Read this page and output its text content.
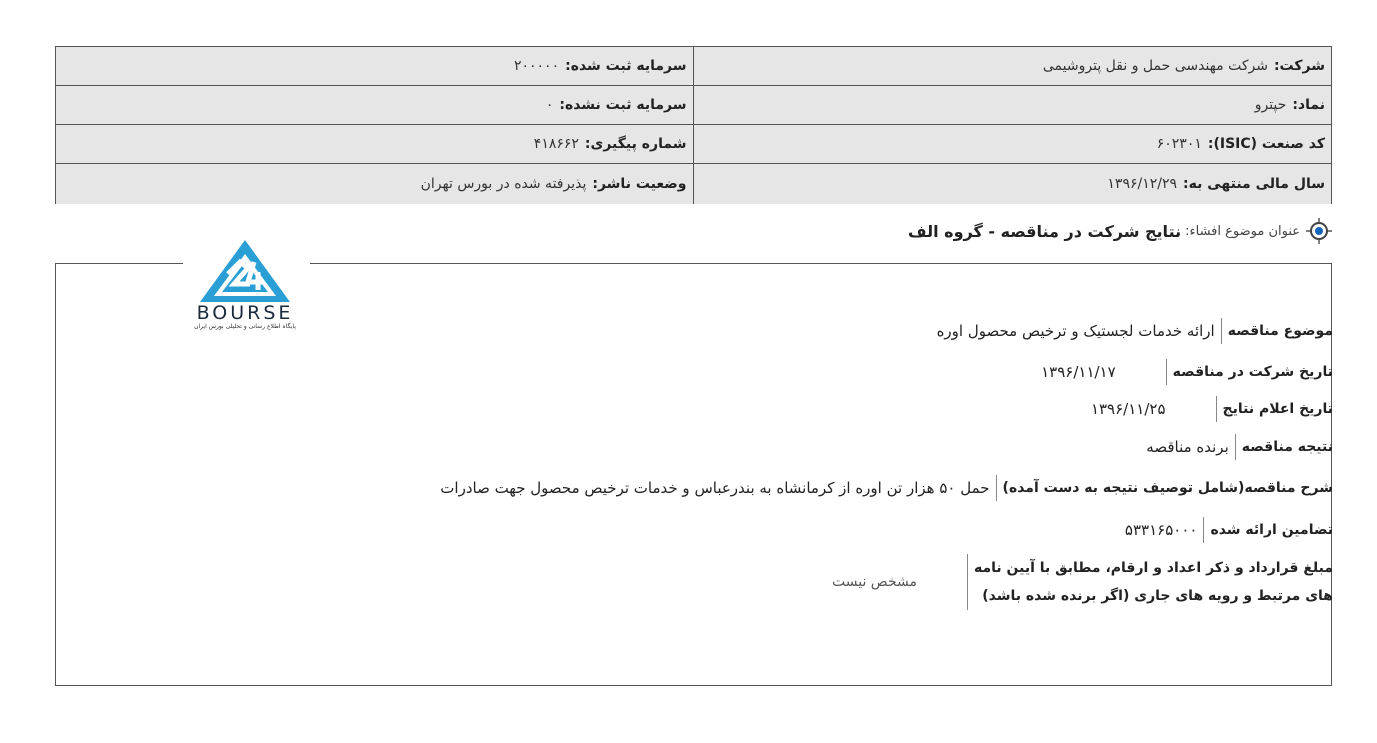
شرکت:
شرکت مهندسی حمل و نقل پتروشیمی
سرمایه ثبت شده:
۲۰۰۰۰۰
نماد:
حپترو
سرمایه ثبت نشده:
۰
کد صنعت (ISIC):
۶۰۲۳۰۱
شماره پیگیری:
۴۱۸۶۶۲
سال مالی منتهی به:
۱۳۹۶/۱۲/۲۹
وضعیت ناشر:
پذیرفته شده در بورس تهران
عنوان موضوع افشاء:
نتایج شرکت در مناقصه - گروه الف
BOURSE
پایگاه اطلاع رسانی و تحلیلی بورس ایران	موضوع مناقصه
ارائه خدمات لجستیک و ترخیص محصول اوره
تاریخ شرکت در مناقصه
۱۳۹۶/۱۱/۱۷
تاریخ اعلام نتایج
۱۳۹۶/۱۱/۲۵
نتیجه مناقصه
برنده مناقصه
شرح مناقصه(شامل توصیف نتیجه به دست آمده)
حمل ۵۰ هزار تن اوره از کرمانشاه به بندرعباس و خدمات ترخیص محصول جهت صادرات
تضامین ارائه شده
۵۳۳۱۶۵۰۰۰
مبلغ قرارداد و ذکر اعداد و ارقام، مطابق با آیین نامه
های مرتبط و رویه های جاری (اگر برنده شده باشد)
مشخص نیست
